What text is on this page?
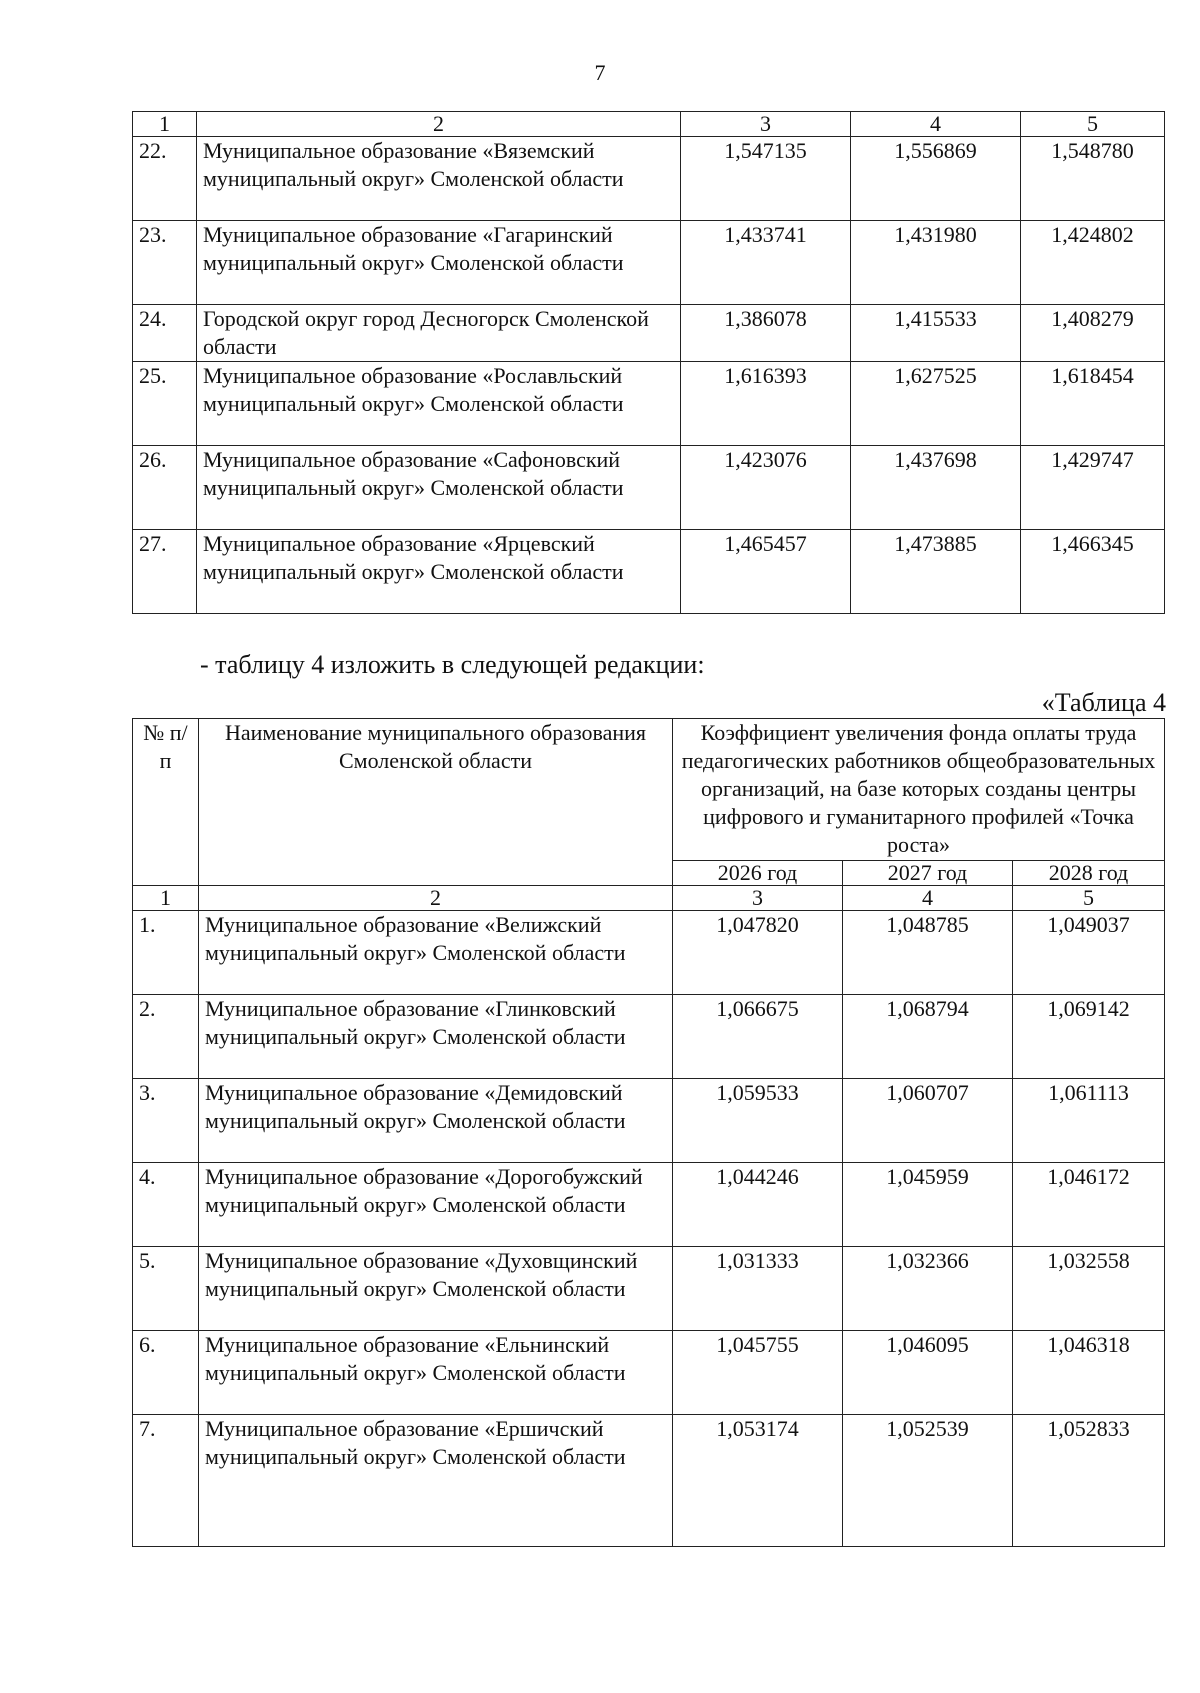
7
1	2	3	4	5
22.	Муниципальное образование «Вяземский муниципальный округ» Смоленской области	1,547135	1,556869	1,548780
23.	Муниципальное образование «Гагаринский муниципальный округ» Смоленской области	1,433741	1,431980	1,424802
24.	Городской округ город Десногорск Смоленской области	1,386078	1,415533	1,408279
25.	Муниципальное образование «Рославльский муниципальный округ» Смоленской области	1,616393	1,627525	1,618454
26.	Муниципальное образование «Сафоновский муниципальный округ» Смоленской области	1,423076	1,437698	1,429747
27.	Муниципальное образование «Ярцевский муниципальный округ» Смоленской области	1,465457	1,473885	1,466345
- таблицу 4 изложить в следующей редакции:
«Таблица 4
№ п/п	Наименование муниципального образования Смоленской области	Коэффициент увеличения фонда оплаты труда педагогических работников общеобразовательных организаций, на базе которых созданы центры цифрового и гуманитарного профилей «Точка роста»		
		2026 год	2027 год	2028 год
1	2	3	4	5
1.	Муниципальное образование «Велижский муниципальный округ» Смоленской области	1,047820	1,048785	1,049037
2.	Муниципальное образование «Глинковский муниципальный округ» Смоленской области	1,066675	1,068794	1,069142
3.	Муниципальное образование «Демидовский муниципальный округ» Смоленской области	1,059533	1,060707	1,061113
4.	Муниципальное образование «Дорогобужский муниципальный округ» Смоленской области	1,044246	1,045959	1,046172
5.	Муниципальное образование «Духовщинский муниципальный округ» Смоленской области	1,031333	1,032366	1,032558
6.	Муниципальное образование «Ельнинский муниципальный округ» Смоленской области	1,045755	1,046095	1,046318
7.	Муниципальное образование «Ершичский муниципальный округ» Смоленской области	1,053174	1,052539	1,052833
